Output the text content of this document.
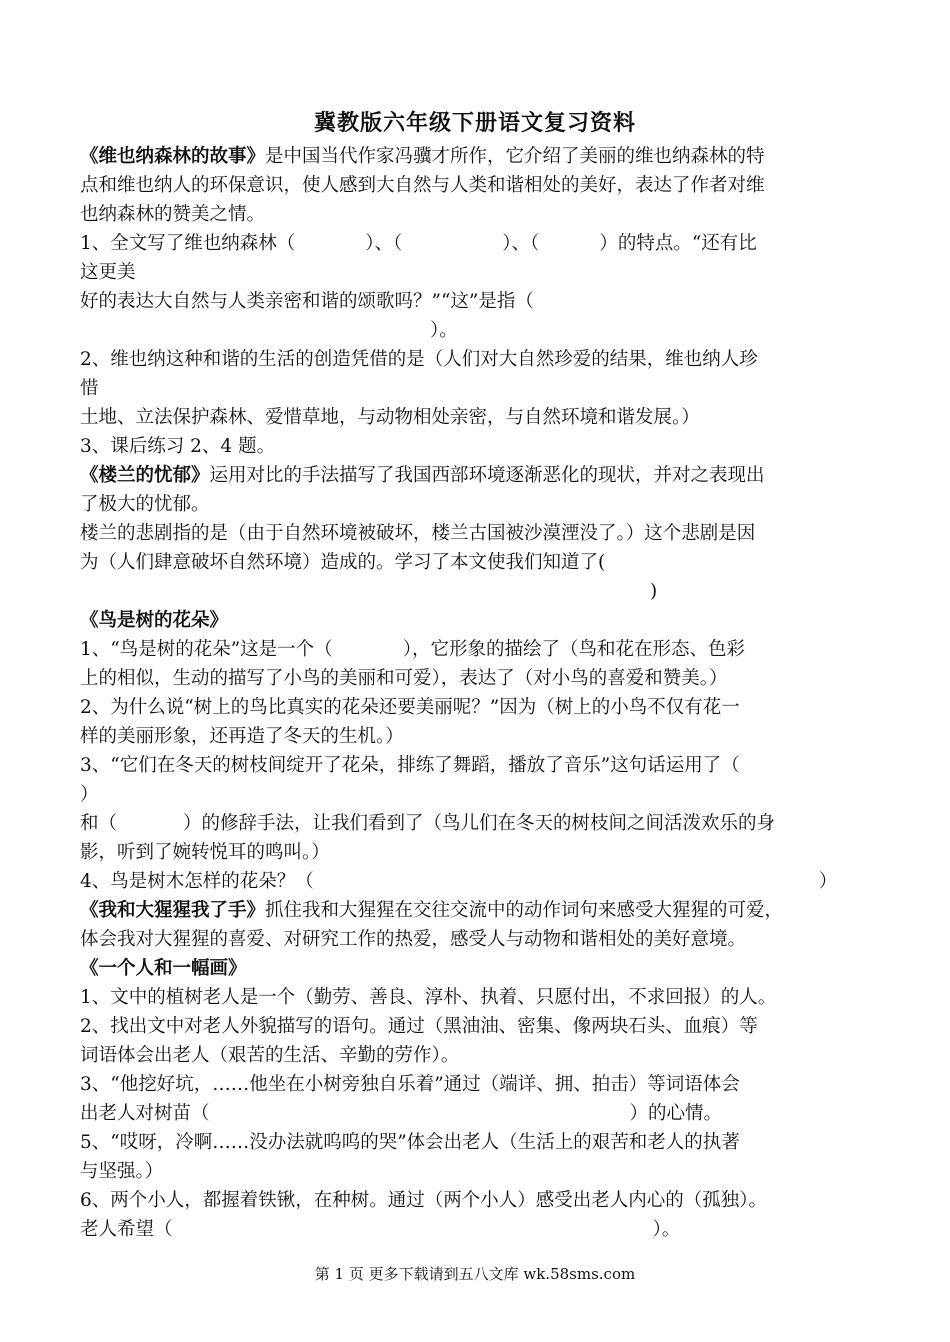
冀教版六年级下册语文复习资料
《维也纳森林的故事》是中国当代作家冯骥才所作，它介绍了美丽的维也纳森林的特
点和维也纳人的环保意识，使人感到大自然与人类和谐相处的美好，表达了作者对维
也纳森林的赞美之情。
1、全文写了维也纳森林（	）、（	）、（	）的特点。“还有比
这更美
好的表达大自然与人类亲密和谐的颂歌吗？”“这”是指（
）。
2、维也纳这种和谐的生活的创造凭借的是（人们对大自然珍爱的结果，维也纳人珍
惜
土地、立法保护森林、爱惜草地，与动物相处亲密，与自然环境和谐发展。）
3、课后练习 2、4 题。
《楼兰的忧郁》运用对比的手法描写了我国西部环境逐渐恶化的现状，并对之表现出
了极大的忧郁。
楼兰的悲剧指的是（由于自然环境被破坏，楼兰古国被沙漠湮没了。）这个悲剧是因
为（人们肆意破坏自然环境）造成的。学习了本文使我们知道了(
)
《鸟是树的花朵》
1、“鸟是树的花朵”这是一个（	），它形象的描绘了（鸟和花在形态、色彩
上的相似，生动的描写了小鸟的美丽和可爱），表达了（对小鸟的喜爱和赞美。）
2、为什么说“树上的鸟比真实的花朵还要美丽呢？”因为（树上的小鸟不仅有花一
样的美丽形象，还再造了冬天的生机。）
3、“它们在冬天的树枝间绽开了花朵，排练了舞蹈，播放了音乐”这句话运用了（
）
和（	）的修辞手法，让我们看到了（鸟儿们在冬天的树枝间之间活泼欢乐的身
影，听到了婉转悦耳的鸣叫。）
4、鸟是树木怎样的花朵？（	）
《我和大猩猩我了手》抓住我和大猩猩在交往交流中的动作词句来感受大猩猩的可爱，
体会我对大猩猩的喜爱、对研究工作的热爱，感受人与动物和谐相处的美好意境。
《一个人和一幅画》
1、文中的植树老人是一个（勤劳、善良、淳朴、执着、只愿付出，不求回报）的人。
2、找出文中对老人外貌描写的语句。通过（黑油油、密集、像两块石头、血痕）等
词语体会出老人（艰苦的生活、辛勤的劳作）。
3、“他挖好坑，……他坐在小树旁独自乐着”通过（端详、拥、拍击）等词语体会
出老人对树苗（	）的心情。
5、“哎呀，冷啊……没办法就呜呜的哭”体会出老人（生活上的艰苦和老人的执著
与坚强。）
6、两个小人，都握着铁锹，在种树。通过（两个小人）感受出老人内心的（孤独）。
老人希望（	）。
第 1 页 更多下载请到五八文库 wk.58sms.com
